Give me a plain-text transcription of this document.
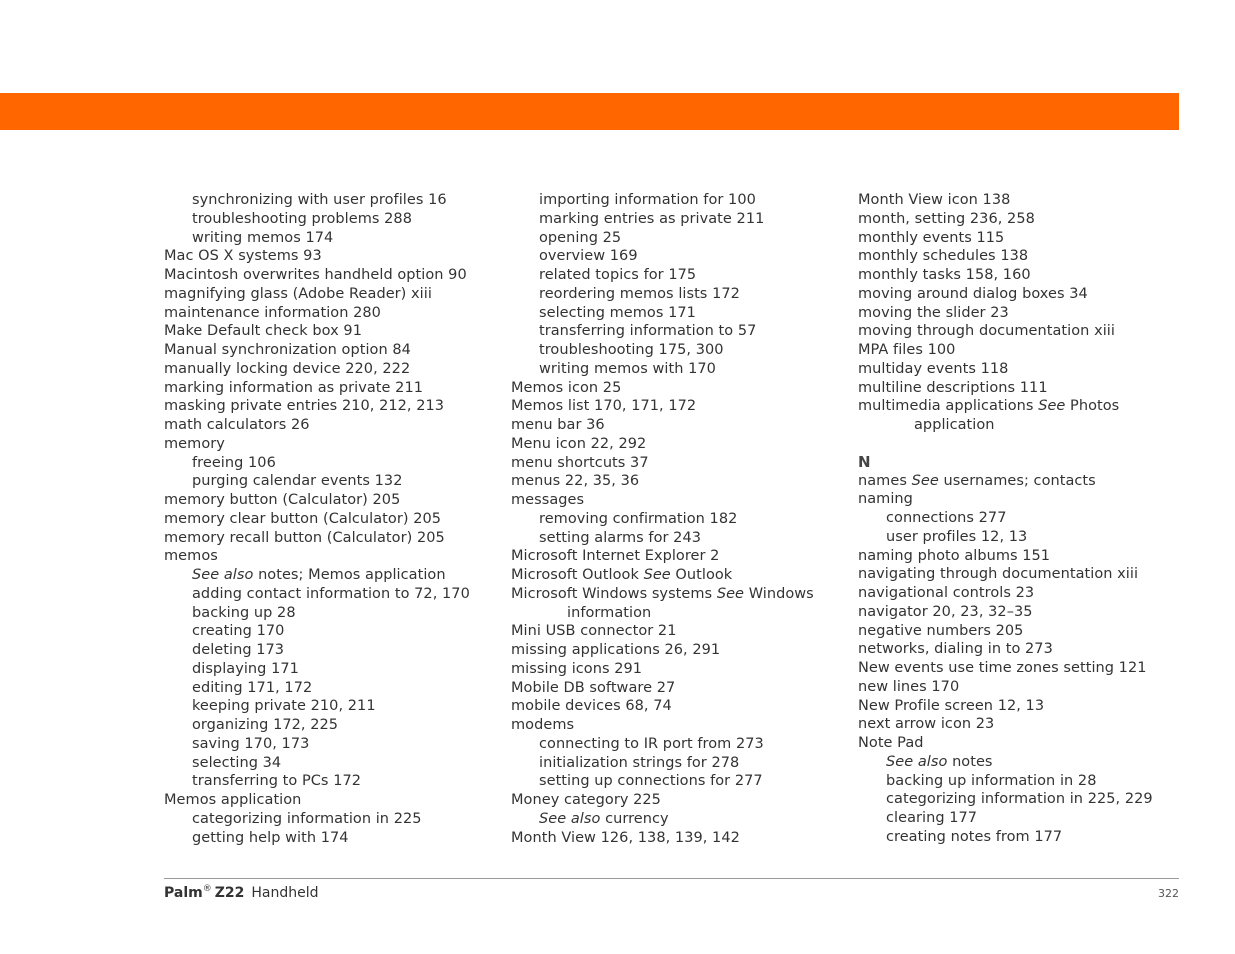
synchronizing with user profiles 16
troubleshooting problems 288
writing memos 174
Mac OS X systems 93
Macintosh overwrites handheld option 90
magnifying glass (Adobe Reader) xiii
maintenance information 280
Make Default check box 91
Manual synchronization option 84
manually locking device 220, 222
marking information as private 211
masking private entries 210, 212, 213
math calculators 26
memory
freeing 106
purging calendar events 132
memory button (Calculator) 205
memory clear button (Calculator) 205
memory recall button (Calculator) 205
memos
See also notes; Memos application
adding contact information to 72, 170
backing up 28
creating 170
deleting 173
displaying 171
editing 171, 172
keeping private 210, 211
organizing 172, 225
saving 170, 173
selecting 34
transferring to PCs 172
Memos application
categorizing information in 225
getting help with 174
importing information for 100
marking entries as private 211
opening 25
overview 169
related topics for 175
reordering memos lists 172
selecting memos 171
transferring information to 57
troubleshooting 175, 300
writing memos with 170
Memos icon 25
Memos list 170, 171, 172
menu bar 36
Menu icon 22, 292
menu shortcuts 37
menus 22, 35, 36
messages
removing confirmation 182
setting alarms for 243
Microsoft Internet Explorer 2
Microsoft Outlook See Outlook
Microsoft Windows systems See Windows
information
Mini USB connector 21
missing applications 26, 291
missing icons 291
Mobile DB software 27
mobile devices 68, 74
modems
connecting to IR port from 273
initialization strings for 278
setting up connections for 277
Money category 225
See also currency
Month View 126, 138, 139, 142
Month View icon 138
month, setting 236, 258
monthly events 115
monthly schedules 138
monthly tasks 158, 160
moving around dialog boxes 34
moving the slider 23
moving through documentation xiii
MPA files 100
multiday events 118
multiline descriptions 111
multimedia applications See Photos
application
N
names See usernames; contacts
naming
connections 277
user profiles 12, 13
naming photo albums 151
navigating through documentation xiii
navigational controls 23
navigator 20, 23, 32–35
negative numbers 205
networks, dialing in to 273
New events use time zones setting 121
new lines 170
New Profile screen 12, 13
next arrow icon 23
Note Pad
See also notes
backing up information in 28
categorizing information in 225, 229
clearing 177
creating notes from 177
Palm® Z22 Handheld	322
